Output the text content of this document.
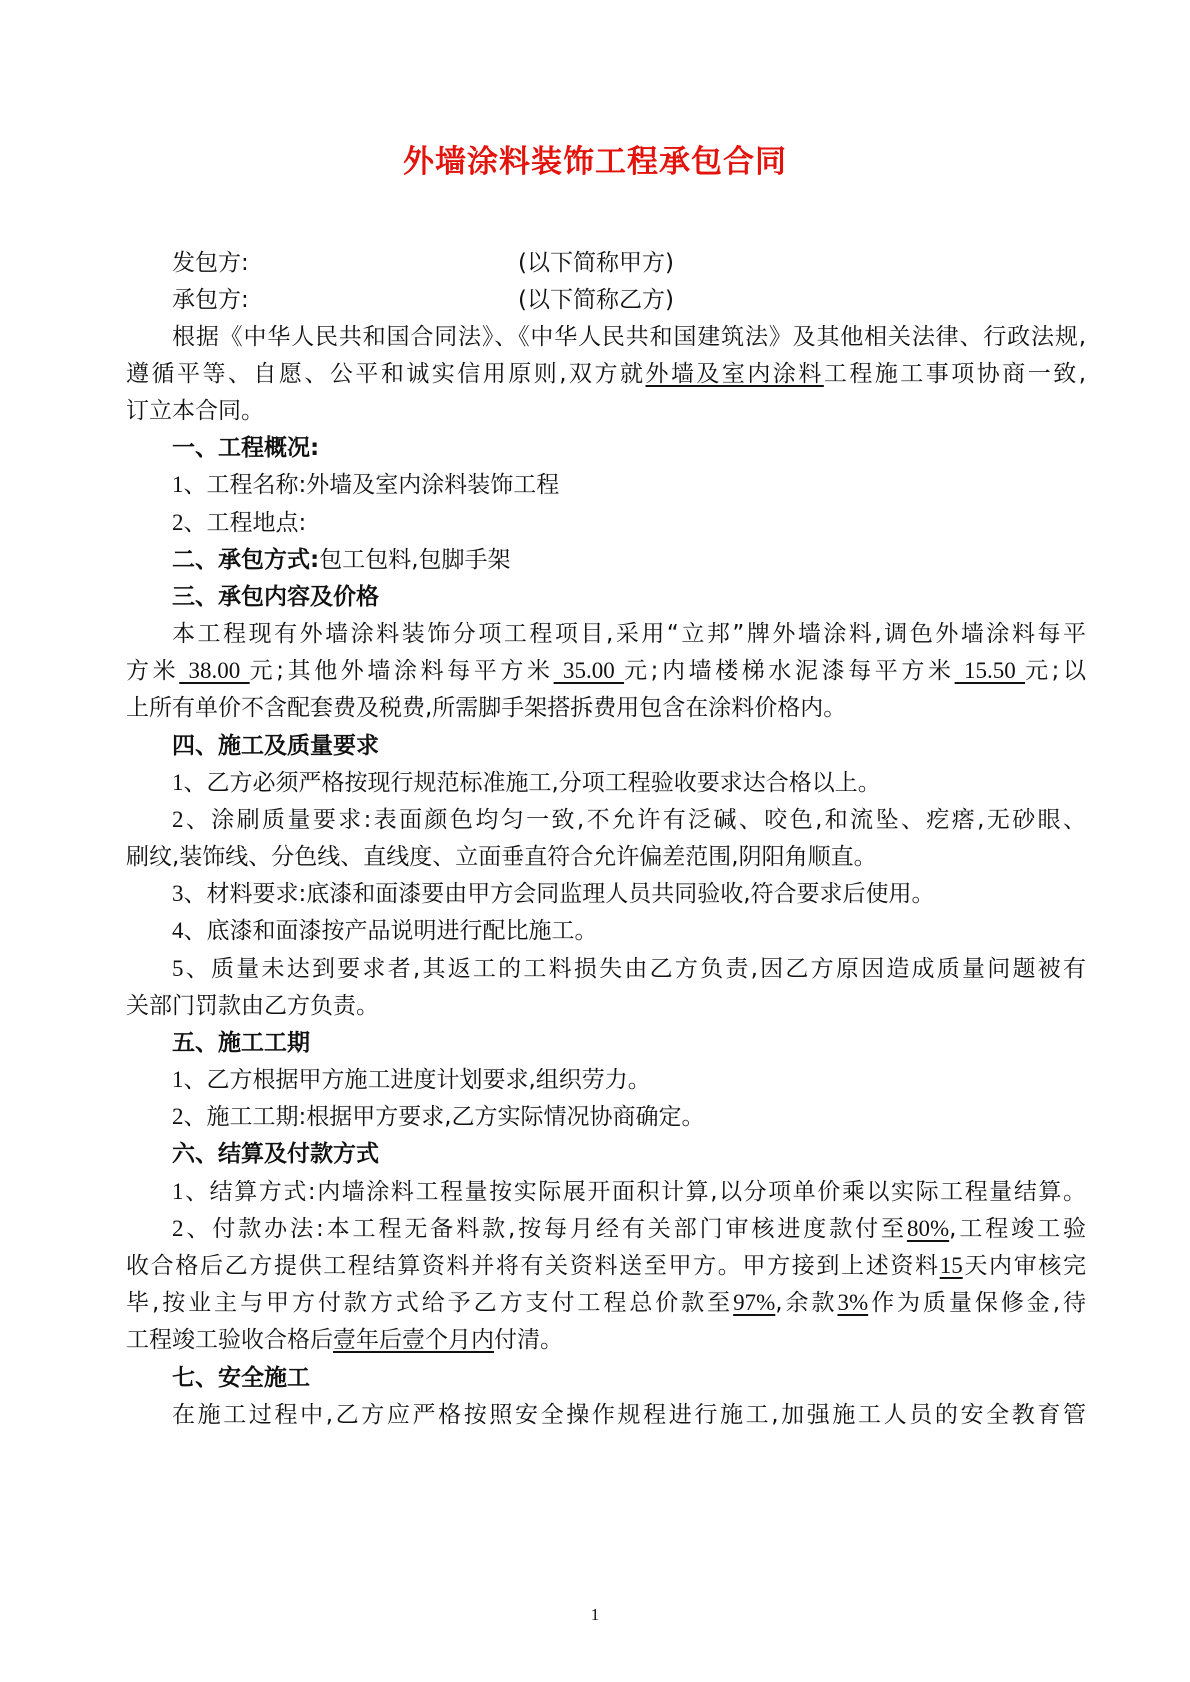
外墙涂料装饰工程承包合同
发包方:	(以下简称甲方)
承包方:	(以下简称乙方)
根据《中华人民共和国合同法》、《中华人民共和国建筑法》及其他相关法律、行政法规,
遵循平等、自愿、公平和诚实信用原则,双方就外墙及室内涂料工程施工事项协商一致,
订立本合同。
一、工程概况:
1、工程名称:外墙及室内涂料装饰工程
2、工程地点:
二、承包方式:包工包料,包脚手架
三、承包内容及价格
本工程现有外墙涂料装饰分项工程项目,采用“立邦”牌外墙涂料,调色外墙涂料每平
方米 38.00 元;其他外墙涂料每平方米 35.00 元;内墙楼梯水泥漆每平方米 15.50 元;以
上所有单价不含配套费及税费,所需脚手架搭拆费用包含在涂料价格内。
四、施工及质量要求
1、乙方必须严格按现行规范标准施工,分项工程验收要求达合格以上。
2、涂刷质量要求:表面颜色均匀一致,不允许有泛碱、咬色,和流坠、疙瘩,无砂眼、
刷纹,装饰线、分色线、直线度、立面垂直符合允许偏差范围,阴阳角顺直。
3、材料要求:底漆和面漆要由甲方会同监理人员共同验收,符合要求后使用。
4、底漆和面漆按产品说明进行配比施工。
5、质量未达到要求者,其返工的工料损失由乙方负责,因乙方原因造成质量问题被有
关部门罚款由乙方负责。
五、施工工期
1、乙方根据甲方施工进度计划要求,组织劳力。
2、施工工期:根据甲方要求,乙方实际情况协商确定。
六、结算及付款方式
1、结算方式:内墙涂料工程量按实际展开面积计算,以分项单价乘以实际工程量结算。
2、付款办法:本工程无备料款,按每月经有关部门审核进度款付至80%,工程竣工验
收合格后乙方提供工程结算资料并将有关资料送至甲方。甲方接到上述资料15天内审核完
毕,按业主与甲方付款方式给予乙方支付工程总价款至97%,余款3%作为质量保修金,待
工程竣工验收合格后壹年后壹个月内付清。
七、安全施工
在施工过程中,乙方应严格按照安全操作规程进行施工,加强施工人员的安全教育管
1
